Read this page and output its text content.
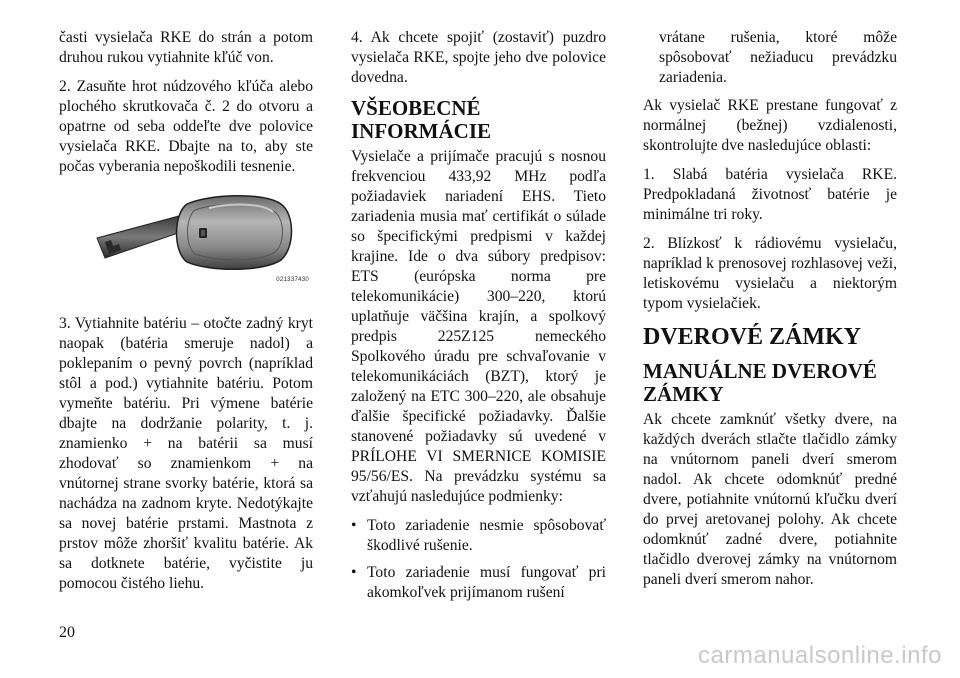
časti vysielača RKE do strán a potom druhou rukou vytiahnite kľúč von.

2. Zasuňte hrot núdzového kľúča alebo plochého skrutkovača č. 2 do otvoru a opatrne od seba oddeľte dve polovice vysielača RKE. Dbajte na to, aby ste počas vyberania nepoškodili tesnenie.

021337430

3. Vytiahnite batériu – otočte zadný kryt naopak (batéria smeruje nadol) a poklepaním o pevný povrch (napríklad stôl a pod.) vytiahnite batériu. Potom vymeňte batériu. Pri výmene batérie dbajte na dodržanie polarity, t. j. znamienko + na batérii sa musí zhodovať so znamienkom + na vnútornej strane svorky batérie, ktorá sa nachádza na zadnom kryte. Nedotýkajte sa novej batérie prstami. Mastnota z prstov môže zhoršiť kvalitu batérie. Ak sa dotknete batérie, vyčistite ju pomocou čistého liehu.

4. Ak chcete spojiť (zostaviť) puzdro vysielača RKE, spojte jeho dve polovice dovedna.

VŠEOBECNÉ INFORMÁCIE

Vysielače a prijímače pracujú s nosnou frekvenciou 433,92 MHz podľa požiadaviek nariadení EHS. Tieto zariadenia musia mať certifikát o súlade so špecifickými predpismi v každej krajine. Ide o dva súbory predpisov: ETS (európska norma pre telekomunikácie) 300–220, ktorú uplatňuje väčšina krajín, a spolkový predpis 225Z125 nemeckého Spolkového úradu pre schvaľovanie v telekomunikáciách (BZT), ktorý je založený na ETC 300–220, ale obsahuje ďalšie špecifické požiadavky. Ďalšie stanovené požiadavky sú uvedené v PRÍLOHE VI SMERNICE KOMISIE 95/56/ES. Na prevádzku systému sa vzťahujú nasledujúce podmienky:

• Toto zariadenie nesmie spôsobovať škodlivé rušenie.
• Toto zariadenie musí fungovať pri akomkoľvek prijímanom rušení

vrátane rušenia, ktoré môže spôsobovať nežiaducu prevádzku zariadenia.

Ak vysielač RKE prestane fungovať z normálnej (bežnej) vzdialenosti, skontrolujte dve nasledujúce oblasti:

1. Slabá batéria vysielača RKE. Predpokladaná životnosť batérie je minimálne tri roky.

2. Blízkosť k rádiovému vysielaču, napríklad k prenosovej rozhlasovej veži, letiskovému vysielaču a niektorým typom vysielačiek.

DVEROVÉ ZÁMKY
MANUÁLNE DVEROVÉ ZÁMKY

Ak chcete zamknúť všetky dvere, na každých dverách stlačte tlačidlo zámky na vnútornom paneli dverí smerom nadol. Ak chcete odomknúť predné dvere, potiahnite vnútornú kľučku dverí do prvej aretovanej polohy. Ak chcete odomknúť zadné dvere, potiahnite tlačidlo dverovej zámky na vnútornom paneli dverí smerom nahor.

20
carmanualsonline.info
